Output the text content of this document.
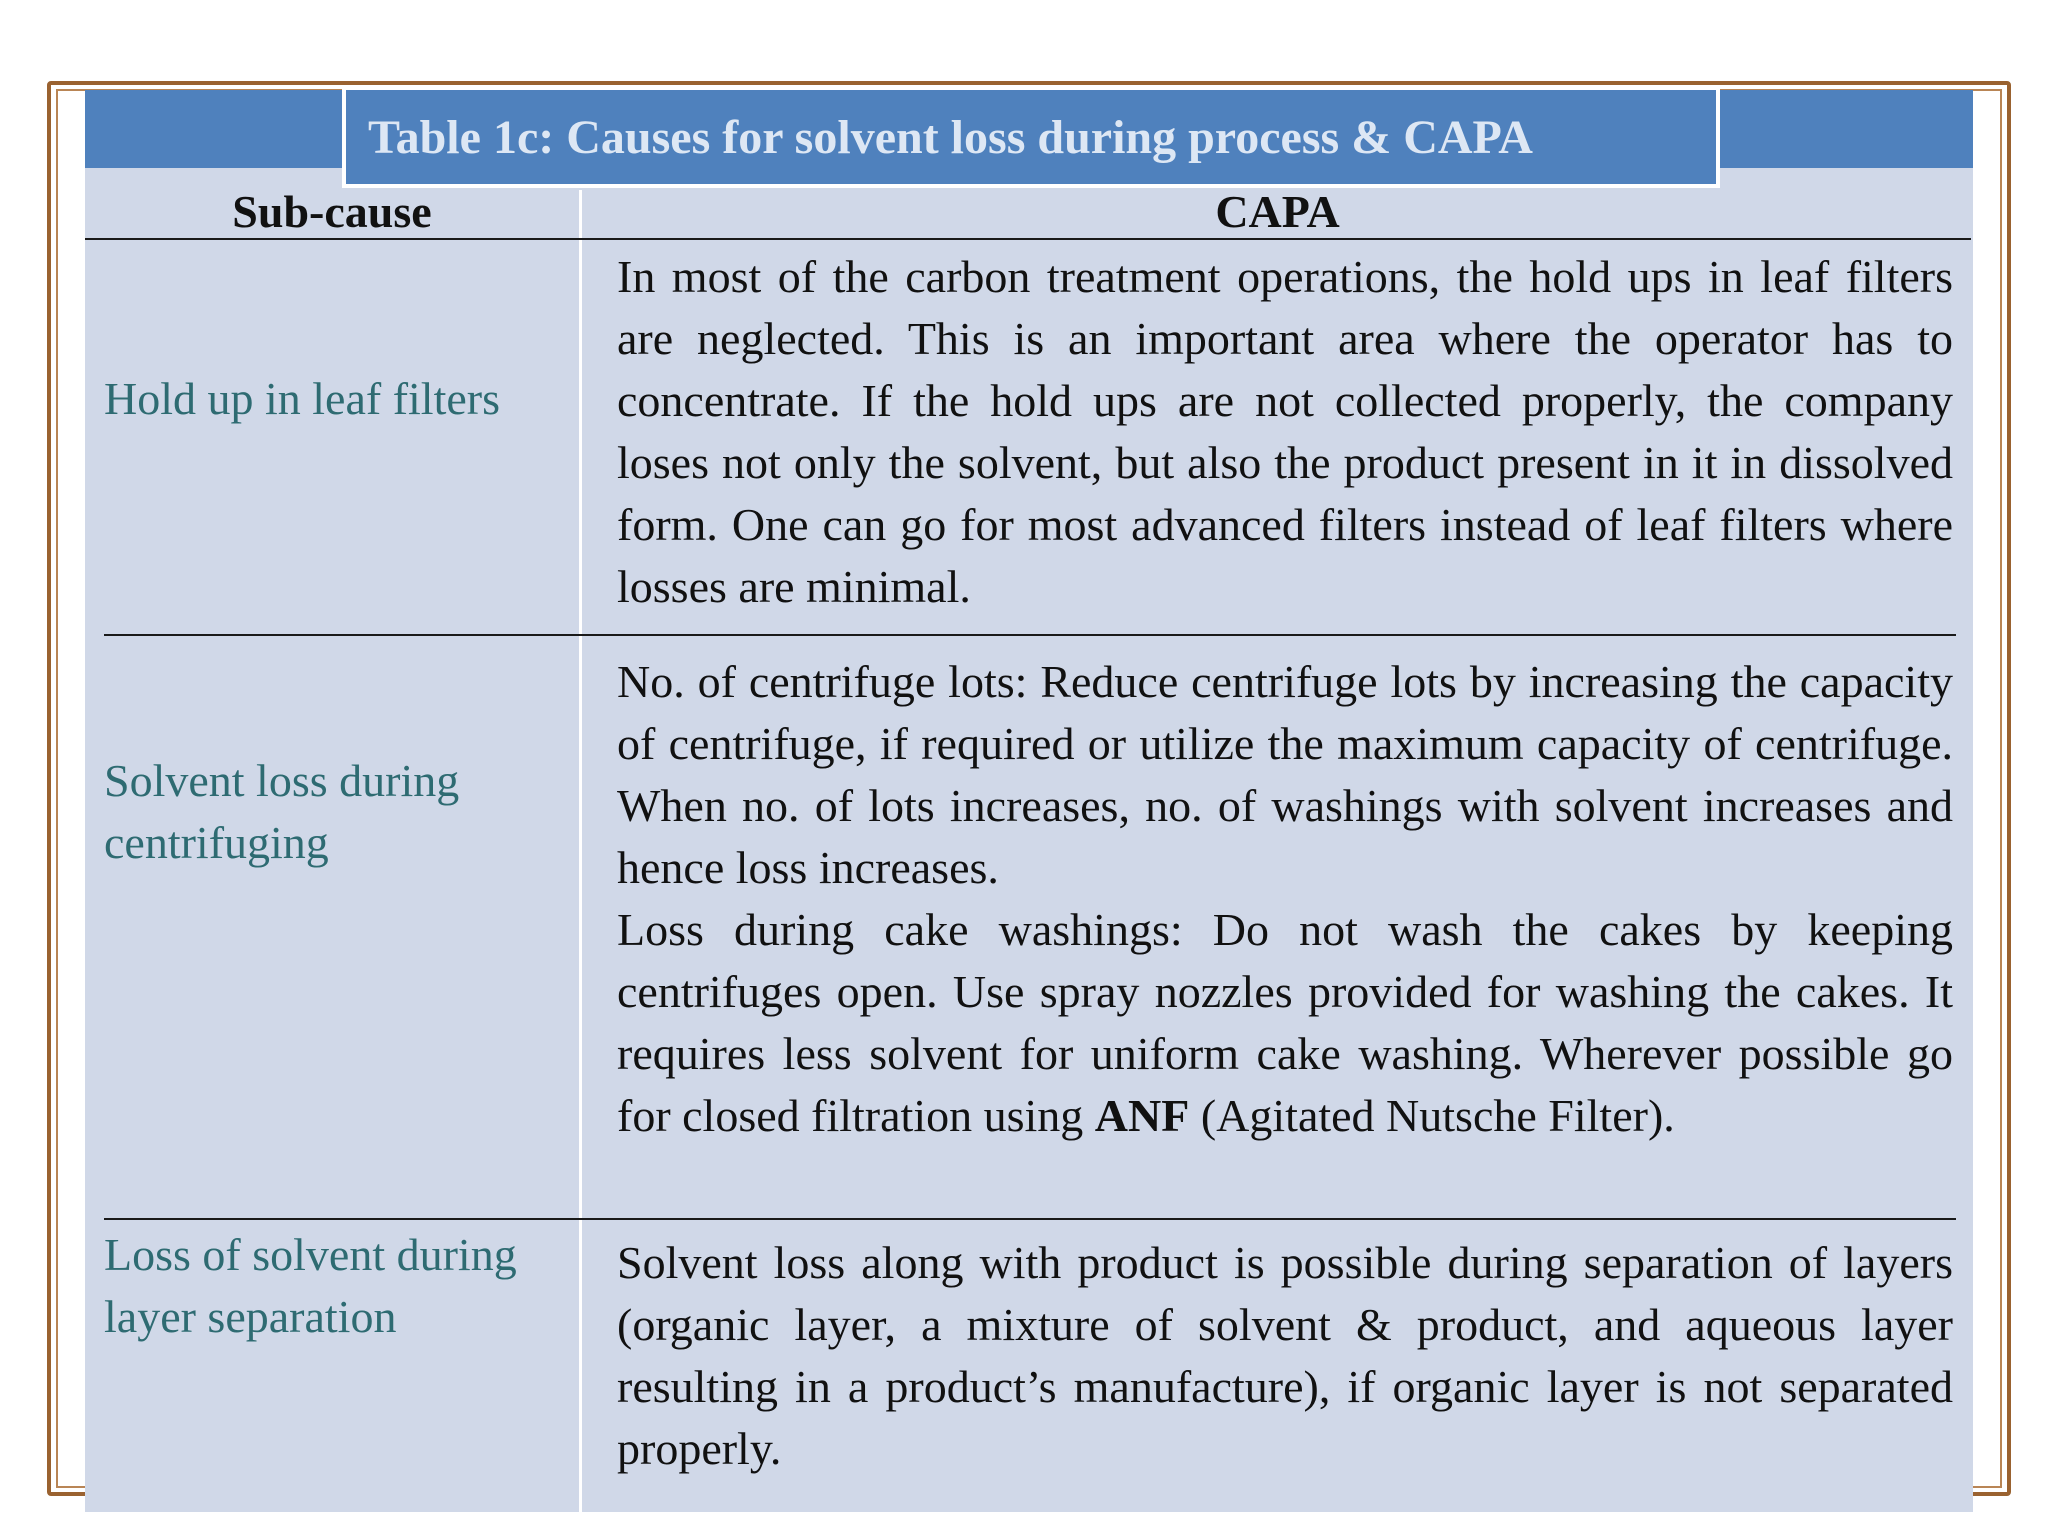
Table 1c: Causes for solvent loss during process & CAPA
Sub-cause	CAPA
Hold up in leaf filters

In most of the carbon treatment operations, the hold ups in leaf filters are neglected. This is an important area where the operator has to concentrate. If the hold ups are not collected properly, the company loses not only the solvent, but also the product present in it in dissolved form. One can go for most advanced filters instead of leaf filters where losses are minimal.

Solvent loss during centrifuging

No. of centrifuge lots: Reduce centrifuge lots by increasing the capacity of centrifuge, if required or utilize the maximum capacity of centrifuge. When no. of lots increases, no. of washings with solvent increases and hence loss increases.

Loss during cake washings: Do not wash the cakes by keeping centrifuges open. Use spray nozzles provided for washing the cakes. It requires less solvent for uniform cake washing. Wherever possible go for closed filtration using ANF (Agitated Nutsche Filter).

Loss of solvent during layer separation

Solvent loss along with product is possible during separation of layers (organic layer, a mixture of solvent & product, and aqueous layer resulting in a product’s manufacture), if organic layer is not separated properly.
